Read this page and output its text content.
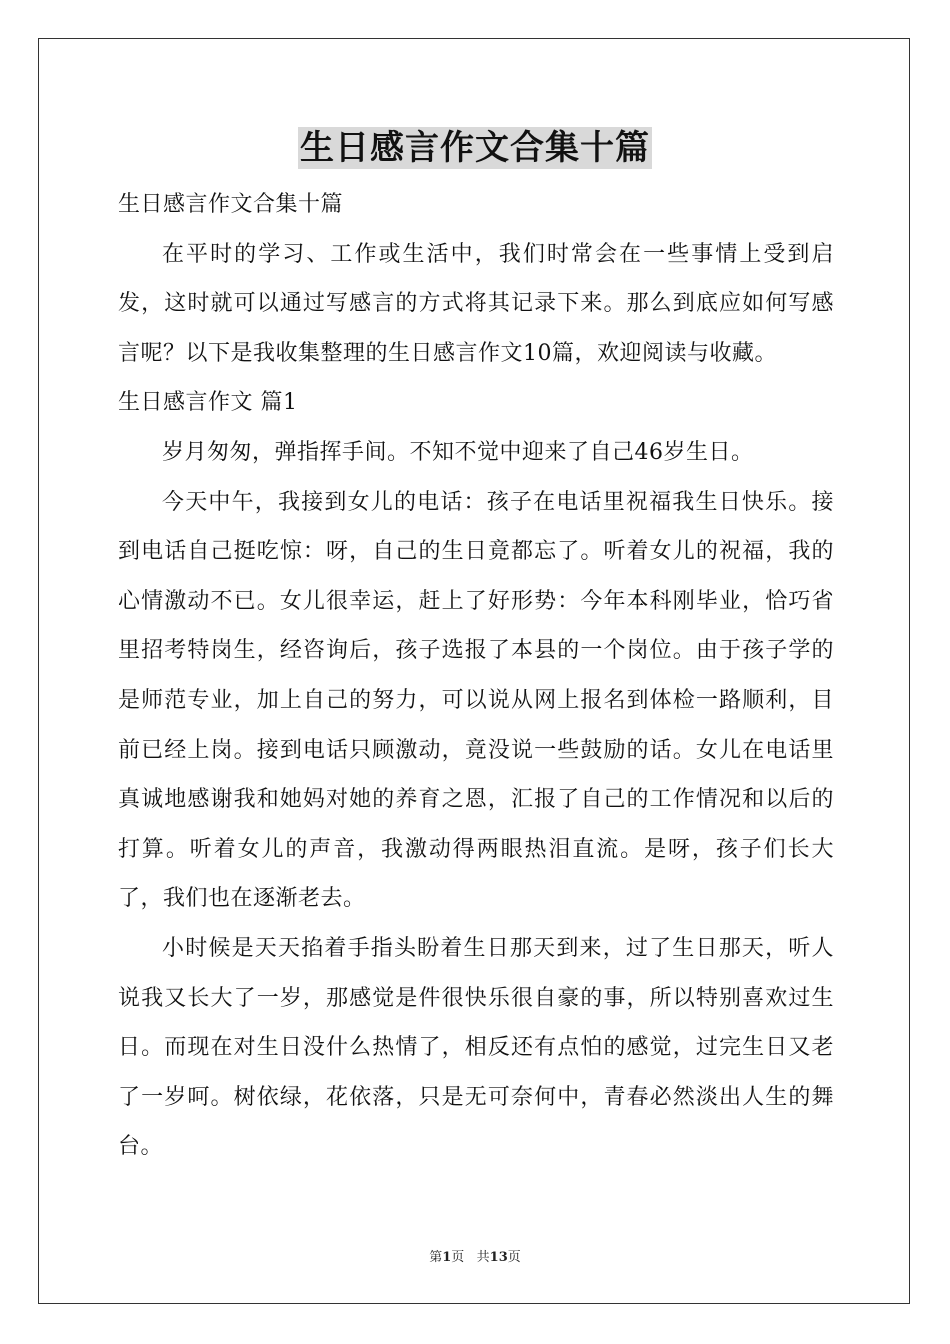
生日感言作文合集十篇

生日感言作文合集十篇

在平时的学习、工作或生活中，我们时常会在一些事情上受到启发，这时就可以通过写感言的方式将其记录下来。那么到底应如何写感言呢？以下是我收集整理的生日感言作文10篇，欢迎阅读与收藏。

生日感言作文 篇1

岁月匆匆，弹指挥手间。不知不觉中迎来了自己46岁生日。

今天中午，我接到女儿的电话：孩子在电话里祝福我生日快乐。接到电话自己挺吃惊：呀，自己的生日竟都忘了。听着女儿的祝福，我的心情激动不已。女儿很幸运，赶上了好形势：今年本科刚毕业，恰巧省里招考特岗生，经咨询后，孩子选报了本县的一个岗位。由于孩子学的是师范专业，加上自己的努力，可以说从网上报名到体检一路顺利，目前已经上岗。接到电话只顾激动，竟没说一些鼓励的话。女儿在电话里真诚地感谢我和她妈对她的养育之恩，汇报了自己的工作情况和以后的打算。听着女儿的声音，我激动得两眼热泪直流。是呀，孩子们长大了，我们也在逐渐老去。

小时候是天天掐着手指头盼着生日那天到来，过了生日那天，听人说我又长大了一岁，那感觉是件很快乐很自豪的事，所以特别喜欢过生日。而现在对生日没什么热情了，相反还有点怕的感觉，过完生日又老了一岁呵。树依绿，花依落，只是无可奈何中，青春必然淡出人生的舞台。

第1页   共13页
